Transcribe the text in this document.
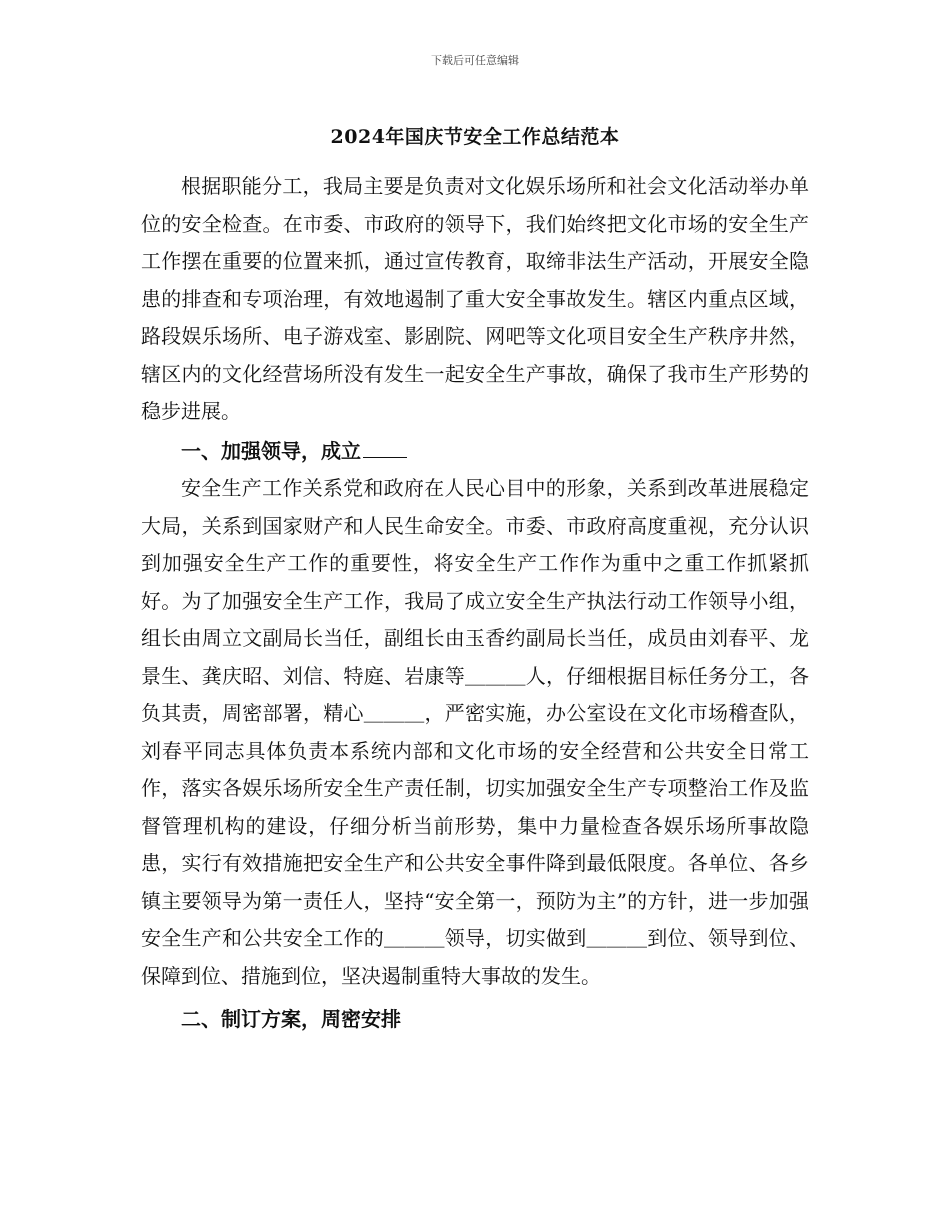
下载后可任意编辑
2024年国庆节安全工作总结范本

根据职能分工，我局主要是负责对文化娱乐场所和社会文化活动举办单位的安全检查。在市委、市政府的领导下，我们始终把文化市场的安全生产工作摆在重要的位置来抓，通过宣传教育，取缔非法生产活动，开展安全隐患的排查和专项治理，有效地遏制了重大安全事故发生。辖区内重点区域，路段娱乐场所、电子游戏室、影剧院、网吧等文化项目安全生产秩序井然，辖区内的文化经营场所没有发生一起安全生产事故，确保了我市生产形势的稳步进展。

一、加强领导，成立

安全生产工作关系党和政府在人民心目中的形象，关系到改革进展稳定大局，关系到国家财产和人民生命安全。市委、市政府高度重视，充分认识到加强安全生产工作的重要性，将安全生产工作作为重中之重工作抓紧抓好。为了加强安全生产工作，我局了成立安全生产执法行动工作领导小组，组长由周立文副局长当任，副组长由玉香约副局长当任，成员由刘春平、龙景生、龚庆昭、刘信、特庭、岩康等＿＿＿人，仔细根据目标任务分工，各负其责，周密部署，精心＿＿＿，严密实施，办公室设在文化市场稽查队，刘春平同志具体负责本系统内部和文化市场的安全经营和公共安全日常工作，落实各娱乐场所安全生产责任制，切实加强安全生产专项整治工作及监督管理机构的建设，仔细分析当前形势，集中力量检查各娱乐场所事故隐患，实行有效措施把安全生产和公共安全事件降到最低限度。各单位、各乡镇主要领导为第一责任人，坚持“安全第一，预防为主”的方针，进一步加强安全生产和公共安全工作的＿＿＿领导，切实做到＿＿＿到位、领导到位、保障到位、措施到位，坚决遏制重特大事故的发生。

二、制订方案，周密安排
